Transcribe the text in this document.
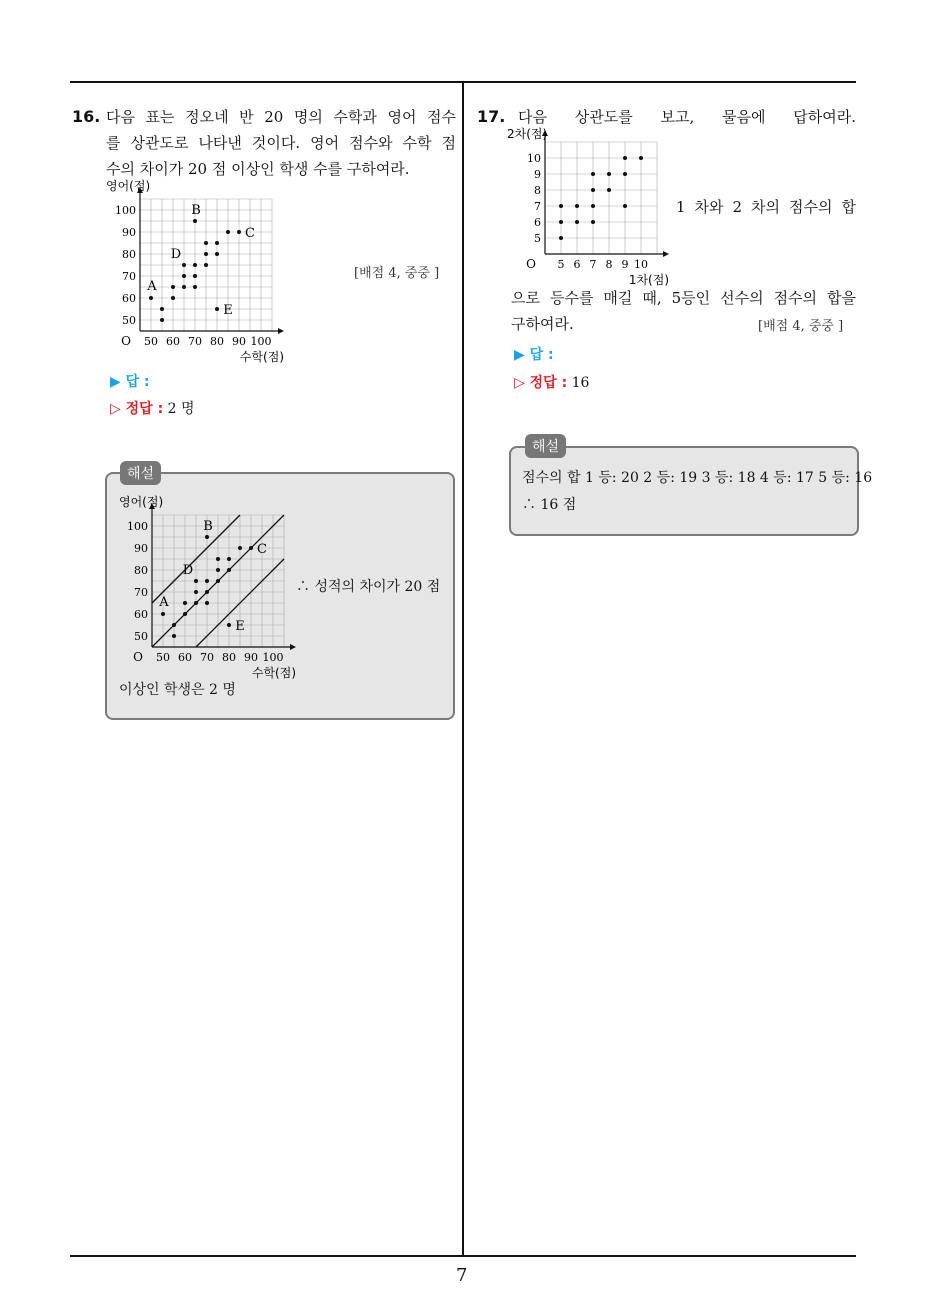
16. 다음 표는 정오네 반 20 명의 수학과 영어 점수
를 상관도로 나타낸 것이다. 영어 점수와 수학 점
수의 차이가 20 점 이상인 학생 수를 구하여라.
50 60 70 80 90 100
50
60
70
80
90
100
O
수학(점)
영어(점)
A
B
C
D
E
[배점 4, 중중 ]
▶ 답 :
▷ 정답 : 2 명
해설
50 60 70 80 90 100
50
60
70
80
90
100
O
수학(점)
영어(점)
A
B
C
D
E
∴ 성적의 차이가 20 점
이상인 학생은 2 명
17. 다음 상관도를 보고, 물음에 답하여라.
5 6 7 8 9 10
5
6
7
8
9
10
O
1차(점)
2차(점)
1 차와 2 차의 점수의 합
으로 등수를 매길 때, 5등인 선수의 점수의 합을
구하여라.	[배점 4, 중중 ]
▶ 답 :
▷ 정답 : 16
해설
점수의 합 1 등: 20 2 등: 19 3 등: 18 4 등: 17 5 등: 16
∴ 16 점
7
